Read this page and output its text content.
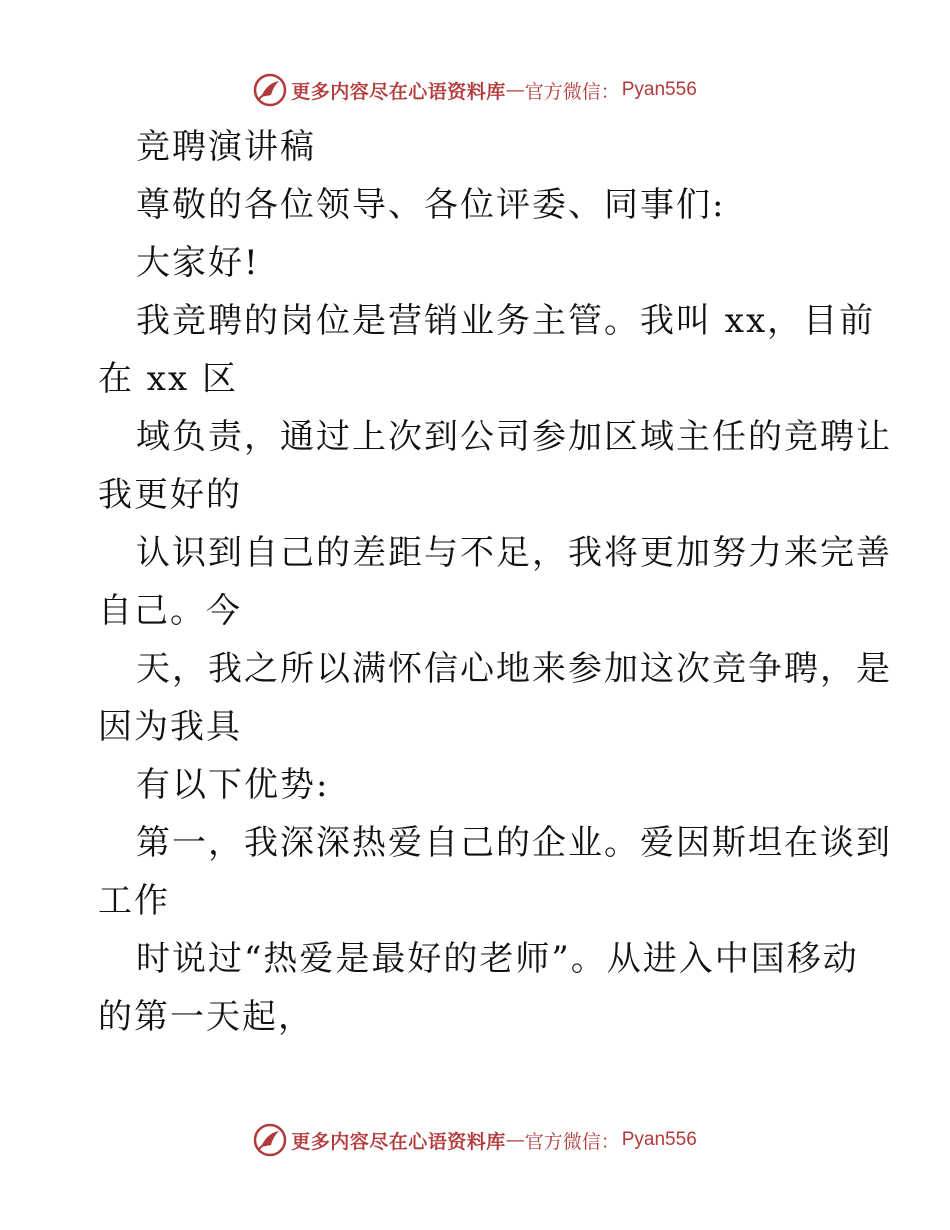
更多内容尽在心语资料库 — 官方微信： Pyan556
竞聘演讲稿
尊敬的各位领导、各位评委、同事们:
大家好!
我竞聘的岗位是营销业务主管。我叫 xx，目前
在 xx 区
域负责，通过上次到公司参加区域主任的竞聘让
我更好的
认识到自己的差距与不足，我将更加努力来完善
自己。今
天，我之所以满怀信心地来参加这次竞争聘，是
因为我具
有以下优势:
第一，我深深热爱自己的企业。爱因斯坦在谈到
工作
时说过“热爱是最好的老师”。从进入中国移动
的第一天起，
更多内容尽在心语资料库 — 官方微信： Pyan556
